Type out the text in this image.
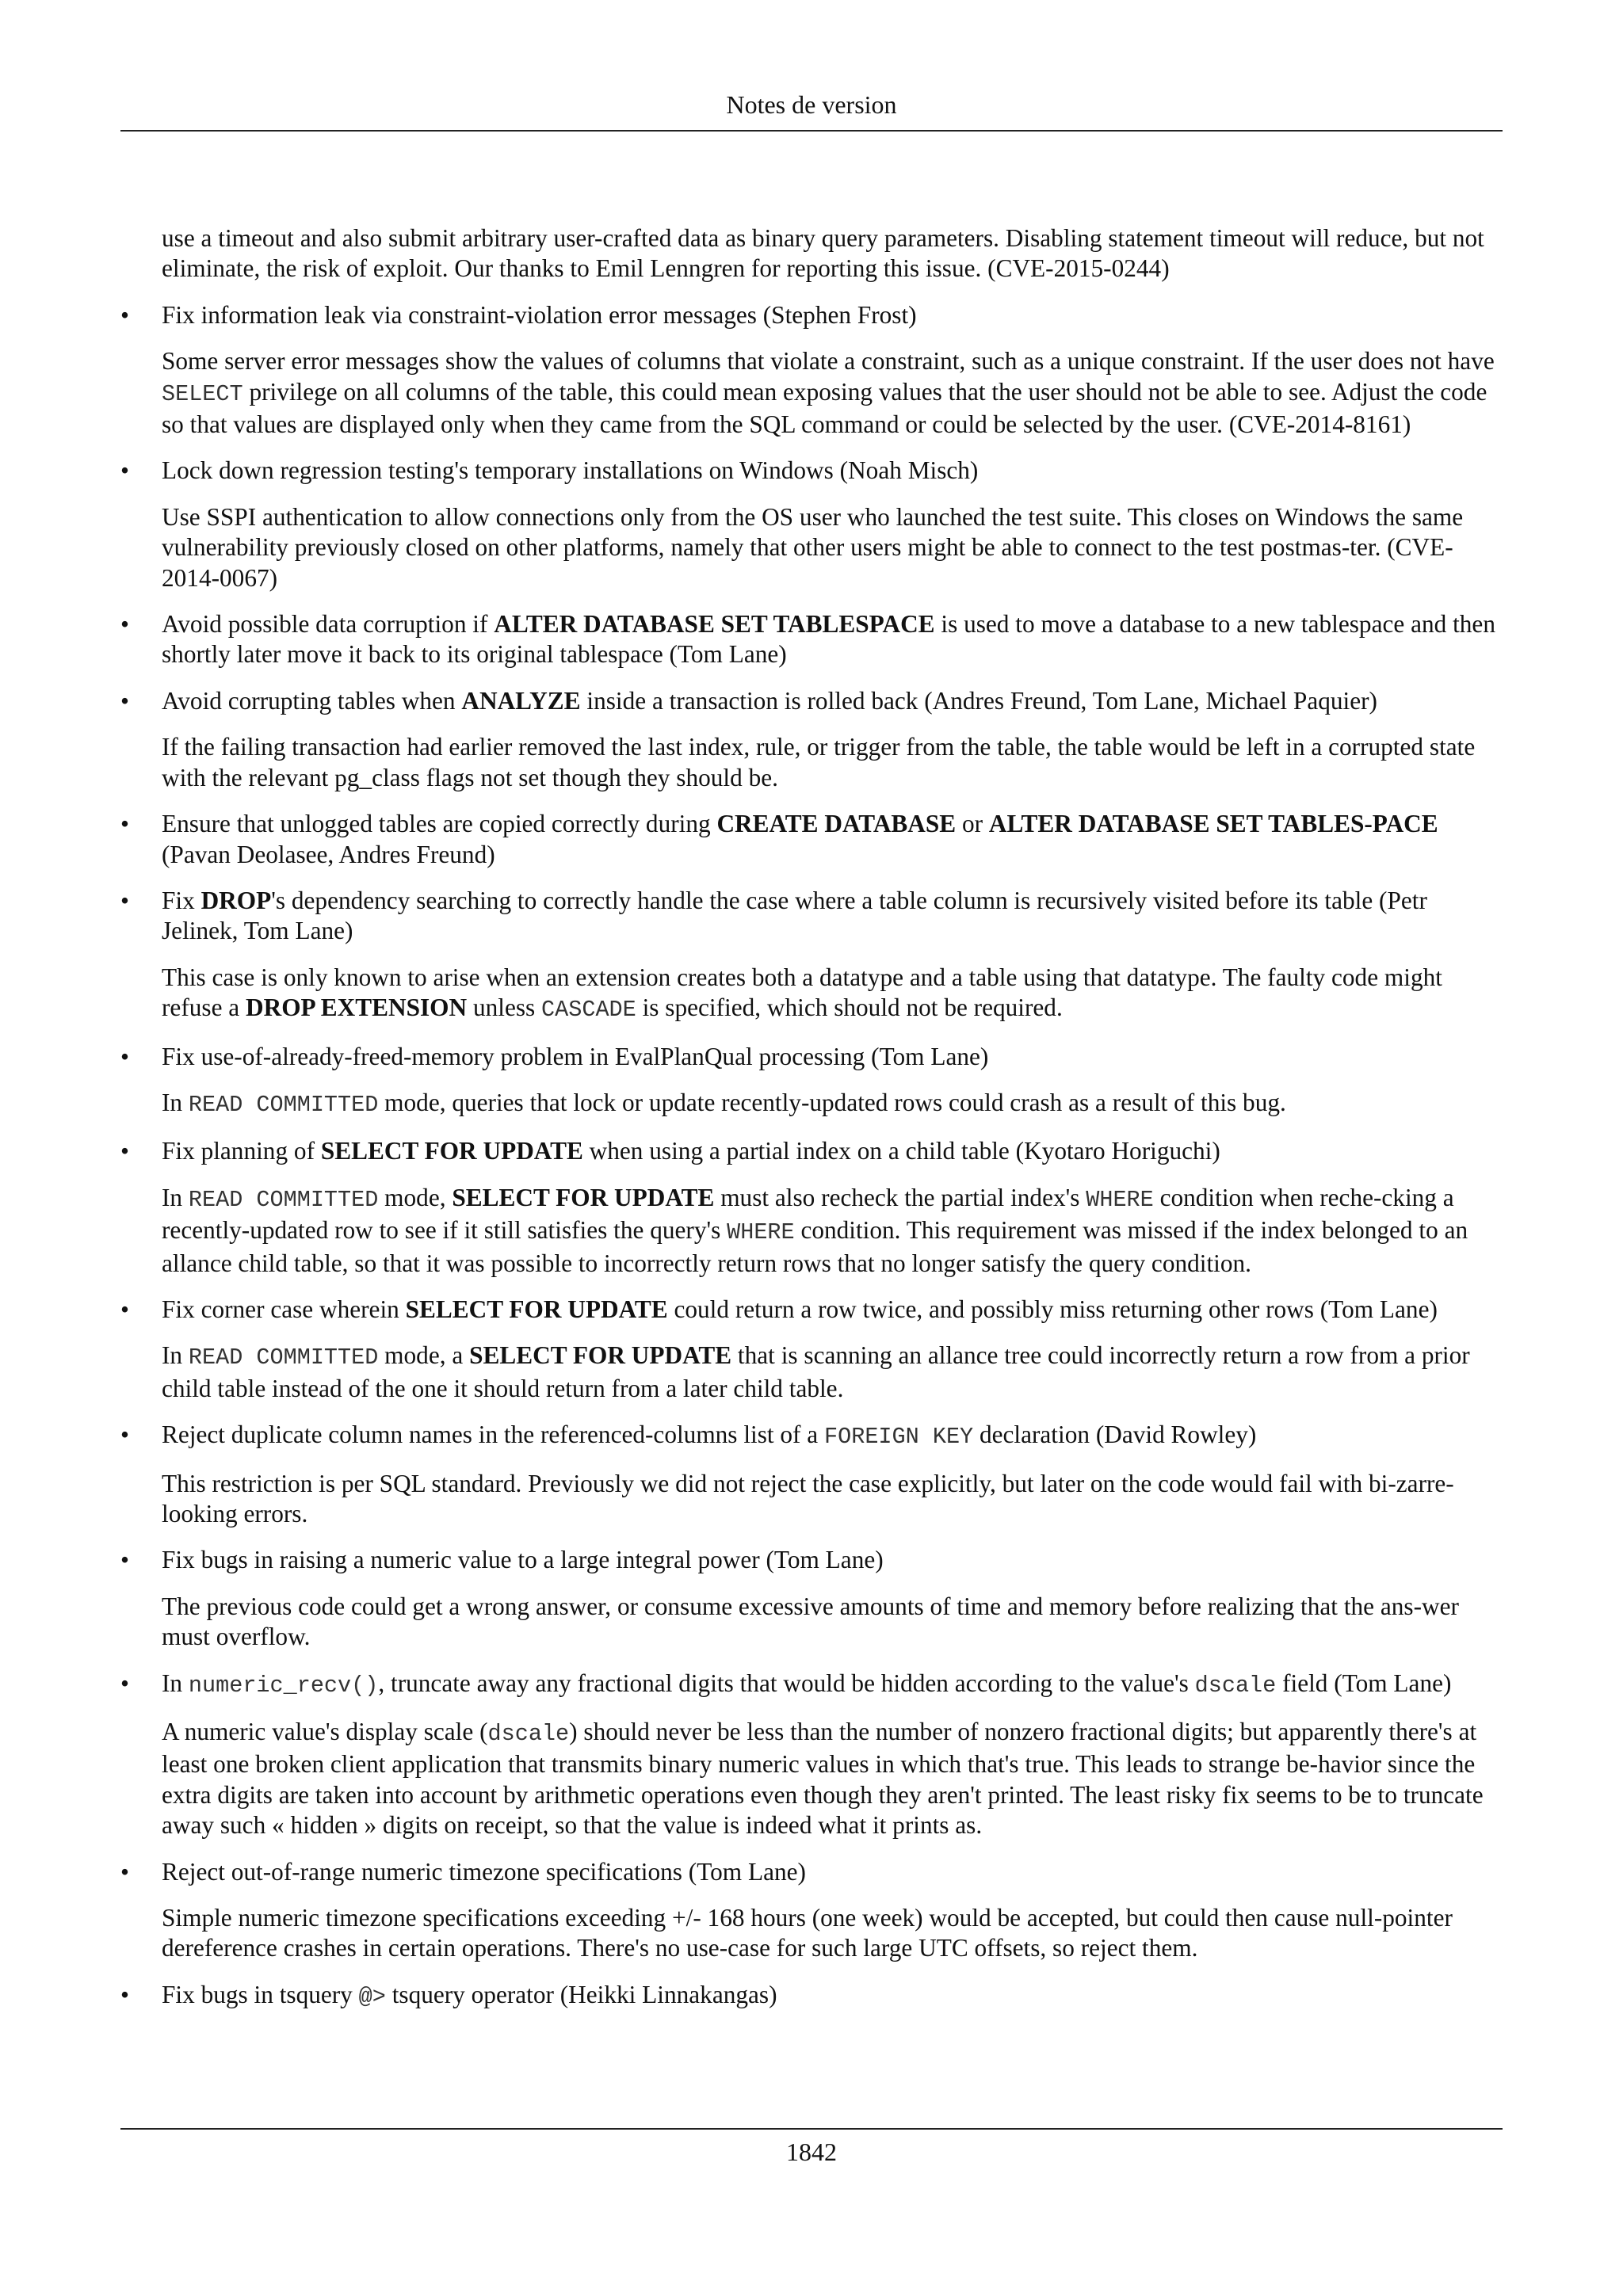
Notes de version

use a timeout and also submit arbitrary user-crafted data as binary query parameters. Disabling statement timeout will reduce, but not eliminate, the risk of exploit. Our thanks to Emil Lenngren for reporting this issue. (CVE-2015-0244)

•	Fix information leak via constraint-violation error messages (Stephen Frost)

Some server error messages show the values of columns that violate a constraint, such as a unique constraint. If the user does not have SELECT privilege on all columns of the table, this could mean exposing values that the user should not be able to see. Adjust the code so that values are displayed only when they came from the SQL command or could be selected by the user. (CVE-2014-8161)

•	Lock down regression testing's temporary installations on Windows (Noah Misch)

Use SSPI authentication to allow connections only from the OS user who launched the test suite. This closes on Windows the same vulnerability previously closed on other platforms, namely that other users might be able to connect to the test postmas-ter. (CVE-2014-0067)

•	Avoid possible data corruption if ALTER DATABASE SET TABLESPACE is used to move a database to a new tablespace and then shortly later move it back to its original tablespace (Tom Lane)

•	Avoid corrupting tables when ANALYZE inside a transaction is rolled back (Andres Freund, Tom Lane, Michael Paquier)

If the failing transaction had earlier removed the last index, rule, or trigger from the table, the table would be left in a corrupted state with the relevant pg_class flags not set though they should be.

•	Ensure that unlogged tables are copied correctly during CREATE DATABASE or ALTER DATABASE SET TABLES-PACE (Pavan Deolasee, Andres Freund)

•	Fix DROP's dependency searching to correctly handle the case where a table column is recursively visited before its table (Petr Jelinek, Tom Lane)

This case is only known to arise when an extension creates both a datatype and a table using that datatype. The faulty code might refuse a DROP EXTENSION unless CASCADE is specified, which should not be required.

•	Fix use-of-already-freed-memory problem in EvalPlanQual processing (Tom Lane)

In READ COMMITTED mode, queries that lock or update recently-updated rows could crash as a result of this bug.

•	Fix planning of SELECT FOR UPDATE when using a partial index on a child table (Kyotaro Horiguchi)

In READ COMMITTED mode, SELECT FOR UPDATE must also recheck the partial index's WHERE condition when reche-cking a recently-updated row to see if it still satisfies the query's WHERE condition. This requirement was missed if the index belonged to an allance child table, so that it was possible to incorrectly return rows that no longer satisfy the query condition.

•	Fix corner case wherein SELECT FOR UPDATE could return a row twice, and possibly miss returning other rows (Tom Lane)

In READ COMMITTED mode, a SELECT FOR UPDATE that is scanning an allance tree could incorrectly return a row from a prior child table instead of the one it should return from a later child table.

•	Reject duplicate column names in the referenced-columns list of a FOREIGN KEY declaration (David Rowley)

This restriction is per SQL standard. Previously we did not reject the case explicitly, but later on the code would fail with bi-zarre-looking errors.

•	Fix bugs in raising a numeric value to a large integral power (Tom Lane)

The previous code could get a wrong answer, or consume excessive amounts of time and memory before realizing that the ans-wer must overflow.

•	In numeric_recv(), truncate away any fractional digits that would be hidden according to the value's dscale field (Tom Lane)

A numeric value's display scale (dscale) should never be less than the number of nonzero fractional digits; but apparently there's at least one broken client application that transmits binary numeric values in which that's true. This leads to strange be-havior since the extra digits are taken into account by arithmetic operations even though they aren't printed. The least risky fix seems to be to truncate away such « hidden » digits on receipt, so that the value is indeed what it prints as.

•	Reject out-of-range numeric timezone specifications (Tom Lane)

Simple numeric timezone specifications exceeding +/- 168 hours (one week) would be accepted, but could then cause null-pointer dereference crashes in certain operations. There's no use-case for such large UTC offsets, so reject them.

•	Fix bugs in tsquery @> tsquery operator (Heikki Linnakangas)

1842
